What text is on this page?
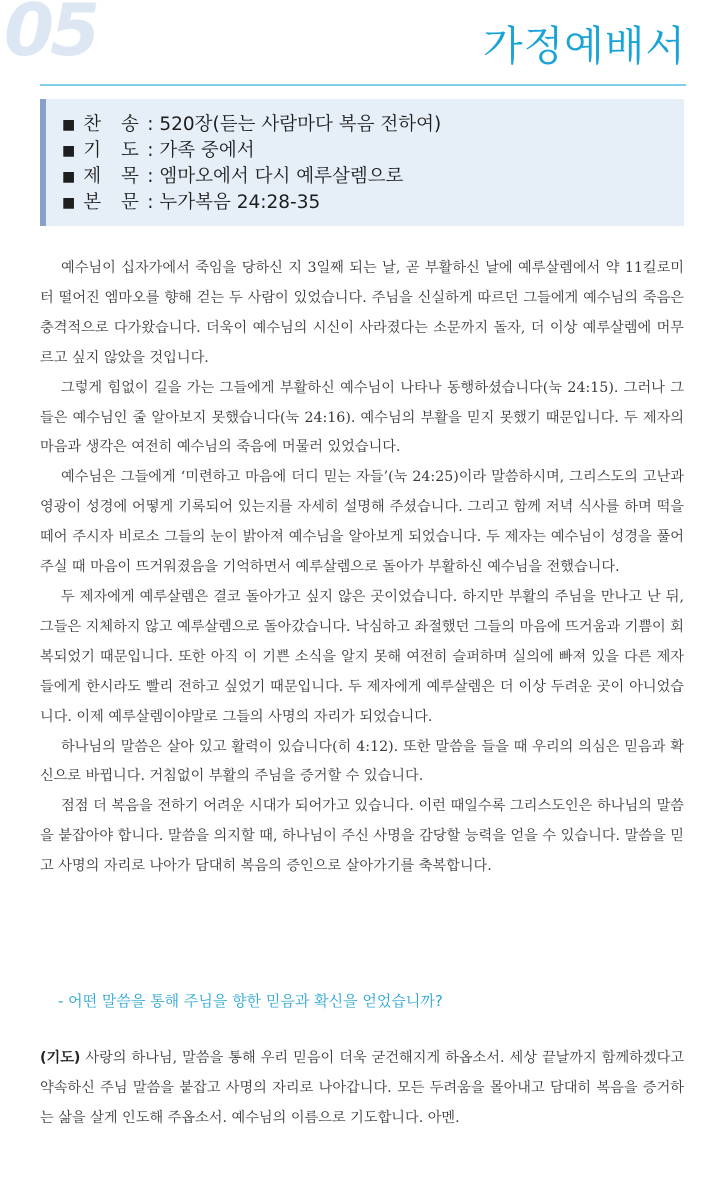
05	가정예배서
■ 찬 송: 520장(듣는 사람마다 복음 전하여)
■ 기 도: 가족 중에서
■ 제 목: 엠마오에서 다시 예루살렘으로
■ 본 문: 누가복음 24:28-35

예수님이 십자가에서 죽임을 당하신 지 3일째 되는 날, 곧 부활하신 날에 예루살렘에서 약 11킬로미터 떨어진 엠마오를 향해 걷는 두 사람이 있었습니다. 주님을 신실하게 따르던 그들에게 예수님의 죽음은 충격적으로 다가왔습니다. 더욱이 예수님의 시신이 사라졌다는 소문까지 돌자, 더 이상 예루살렘에 머무르고 싶지 않았을 것입니다.

그렇게 힘없이 길을 가는 그들에게 부활하신 예수님이 나타나 동행하셨습니다(눅 24:15). 그러나 그들은 예수님인 줄 알아보지 못했습니다(눅 24:16). 예수님의 부활을 믿지 못했기 때문입니다. 두 제자의 마음과 생각은 여전히 예수님의 죽음에 머물러 있었습니다.

예수님은 그들에게 ‘미련하고 마음에 더디 믿는 자들’(눅 24:25)이라 말씀하시며, 그리스도의 고난과 영광이 성경에 어떻게 기록되어 있는지를 자세히 설명해 주셨습니다. 그리고 함께 저녁 식사를 하며 떡을 떼어 주시자 비로소 그들의 눈이 밝아져 예수님을 알아보게 되었습니다. 두 제자는 예수님이 성경을 풀어 주실 때 마음이 뜨거워졌음을 기억하면서 예루살렘으로 돌아가 부활하신 예수님을 전했습니다.

두 제자에게 예루살렘은 결코 돌아가고 싶지 않은 곳이었습니다. 하지만 부활의 주님을 만나고 난 뒤, 그들은 지체하지 않고 예루살렘으로 돌아갔습니다. 낙심하고 좌절했던 그들의 마음에 뜨거움과 기쁨이 회복되었기 때문입니다. 또한 아직 이 기쁜 소식을 알지 못해 여전히 슬퍼하며 실의에 빠져 있을 다른 제자들에게 한시라도 빨리 전하고 싶었기 때문입니다. 두 제자에게 예루살렘은 더 이상 두려운 곳이 아니었습니다. 이제 예루살렘이야말로 그들의 사명의 자리가 되었습니다.

하나님의 말씀은 살아 있고 활력이 있습니다(히 4:12). 또한 말씀을 들을 때 우리의 의심은 믿음과 확신으로 바뀝니다. 거침없이 부활의 주님을 증거할 수 있습니다.

점점 더 복음을 전하기 어려운 시대가 되어가고 있습니다. 이런 때일수록 그리스도인은 하나님의 말씀을 붙잡아야 합니다. 말씀을 의지할 때, 하나님이 주신 사명을 감당할 능력을 얻을 수 있습니다. 말씀을 믿고 사명의 자리로 나아가 담대히 복음의 증인으로 살아가기를 축복합니다.

- 어떤 말씀을 통해 주님을 향한 믿음과 확신을 얻었습니까?
(기도) 사랑의 하나님, 말씀을 통해 우리 믿음이 더욱 굳건해지게 하옵소서. 세상 끝날까지 함께하겠다고 약속하신 주님 말씀을 붙잡고 사명의 자리로 나아갑니다. 모든 두려움을 몰아내고 담대히 복음을 증거하는 삶을 살게 인도해 주옵소서. 예수님의 이름으로 기도합니다. 아멘.
